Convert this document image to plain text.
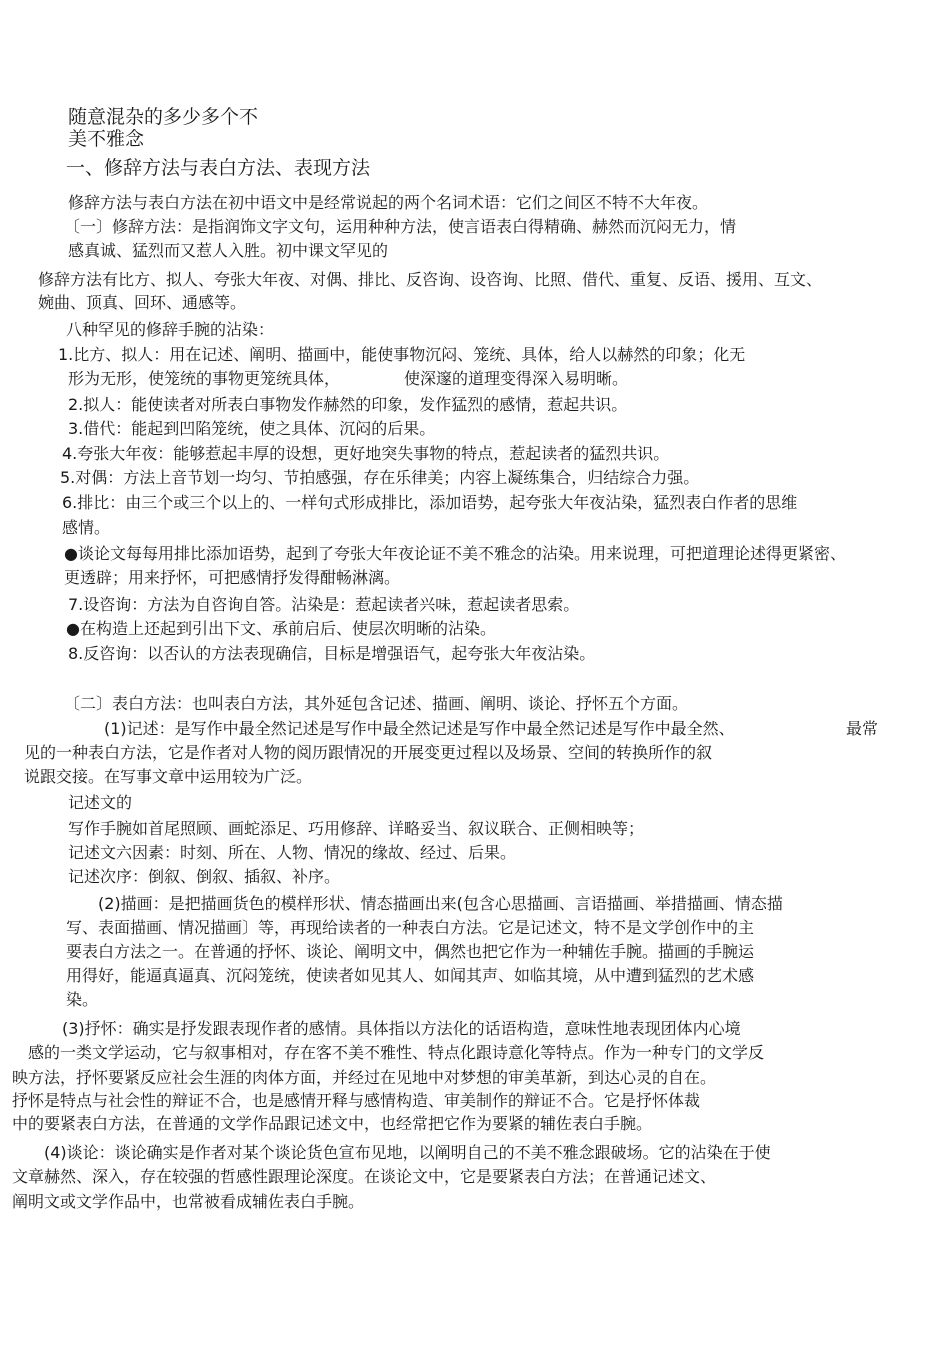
随意混杂的多少多个不
美不雅念
一、修辞方法与表白方法、表现方法
修辞方法与表白方法在初中语文中是经常说起的两个名词术语：它们之间区不特不大年夜。
〔一〕修辞方法：是指润饰文字文句，运用种种方法，使言语表白得精确、赫然而沉闷无力，情
感真诚、猛烈而又惹人入胜。初中课文罕见的
修辞方法有比方、拟人、夸张大年夜、对偶、排比、反咨询、设咨询、比照、借代、重复、反语、援用、互文、
婉曲、顶真、回环、通感等。
八种罕见的修辞手腕的沾染：
1.比方、拟人：用在记述、阐明、描画中，能使事物沉闷、笼统、具体，给人以赫然的印象；化无
形为无形，使笼统的事物更笼统具体，	使深邃的道理变得深入易明晰。
2.拟人：能使读者对所表白事物发作赫然的印象，发作猛烈的感情，惹起共识。
3.借代：能起到凹陷笼统，使之具体、沉闷的后果。
4.夸张大年夜：能够惹起丰厚的设想，更好地突失事物的特点，惹起读者的猛烈共识。
5.对偶：方法上音节划一均匀、节拍感强，存在乐律美；内容上凝练集合，归结综合力强。
6.排比：由三个或三个以上的、一样句式形成排比，添加语势，起夸张大年夜沾染，猛烈表白作者的思维
感情。
●谈论文每每用排比添加语势，起到了夸张大年夜论证不美不雅念的沾染。用来说理，可把道理论述得更紧密、
更透辟；用来抒怀，可把感情抒发得酣畅淋漓。
7.设咨询：方法为自咨询自答。沾染是：惹起读者兴味，惹起读者思索。
●在构造上还起到引出下文、承前启后、使层次明晰的沾染。
8.反咨询：以否认的方法表现确信，目标是增强语气，起夸张大年夜沾染。
〔二〕表白方法：也叫表白方法，其外延包含记述、描画、阐明、谈论、抒怀五个方面。
(1)记述：是写作中最全然记述是写作中最全然记述是写作中最全然记述是写作中最全然、	最常
见的一种表白方法，它是作者对人物的阅历跟情况的开展变更过程以及场景、空间的转换所作的叙
说跟交接。在写事文章中运用较为广泛。
记述文的
写作手腕如首尾照顾、画蛇添足、巧用修辞、详略妥当、叙议联合、正侧相映等；
记述文六因素：时刻、所在、人物、情况的缘故、经过、后果。
记述次序：倒叙、倒叙、插叙、补序。
(2)描画：是把描画货色的模样形状、情态描画出来(包含心思描画、言语描画、举措描画、情态描
写、表面描画、情况描画〕等，再现给读者的一种表白方法。它是记述文，特不是文学创作中的主
要表白方法之一。在普通的抒怀、谈论、阐明文中，偶然也把它作为一种辅佐手腕。描画的手腕运
用得好，能逼真逼真、沉闷笼统，使读者如见其人、如闻其声、如临其境，从中遭到猛烈的艺术感
染。
(3)抒怀：确实是抒发跟表现作者的感情。具体指以方法化的话语构造，意味性地表现团体内心境
感的一类文学运动，它与叙事相对，存在客不美不雅性、特点化跟诗意化等特点。作为一种专门的文学反
映方法，抒怀要紧反应社会生涯的肉体方面，并经过在见地中对梦想的审美革新，到达心灵的自在。
抒怀是特点与社会性的辩证不合，也是感情开释与感情构造、审美制作的辩证不合。它是抒怀体裁
中的要紧表白方法，在普通的文学作品跟记述文中，也经常把它作为要紧的辅佐表白手腕。
(4)谈论：谈论确实是作者对某个谈论货色宣布见地，以阐明自己的不美不雅念跟破场。它的沾染在于使
文章赫然、深入，存在较强的哲感性跟理论深度。在谈论文中，它是要紧表白方法；在普通记述文、
阐明文或文学作品中，也常被看成辅佐表白手腕。
